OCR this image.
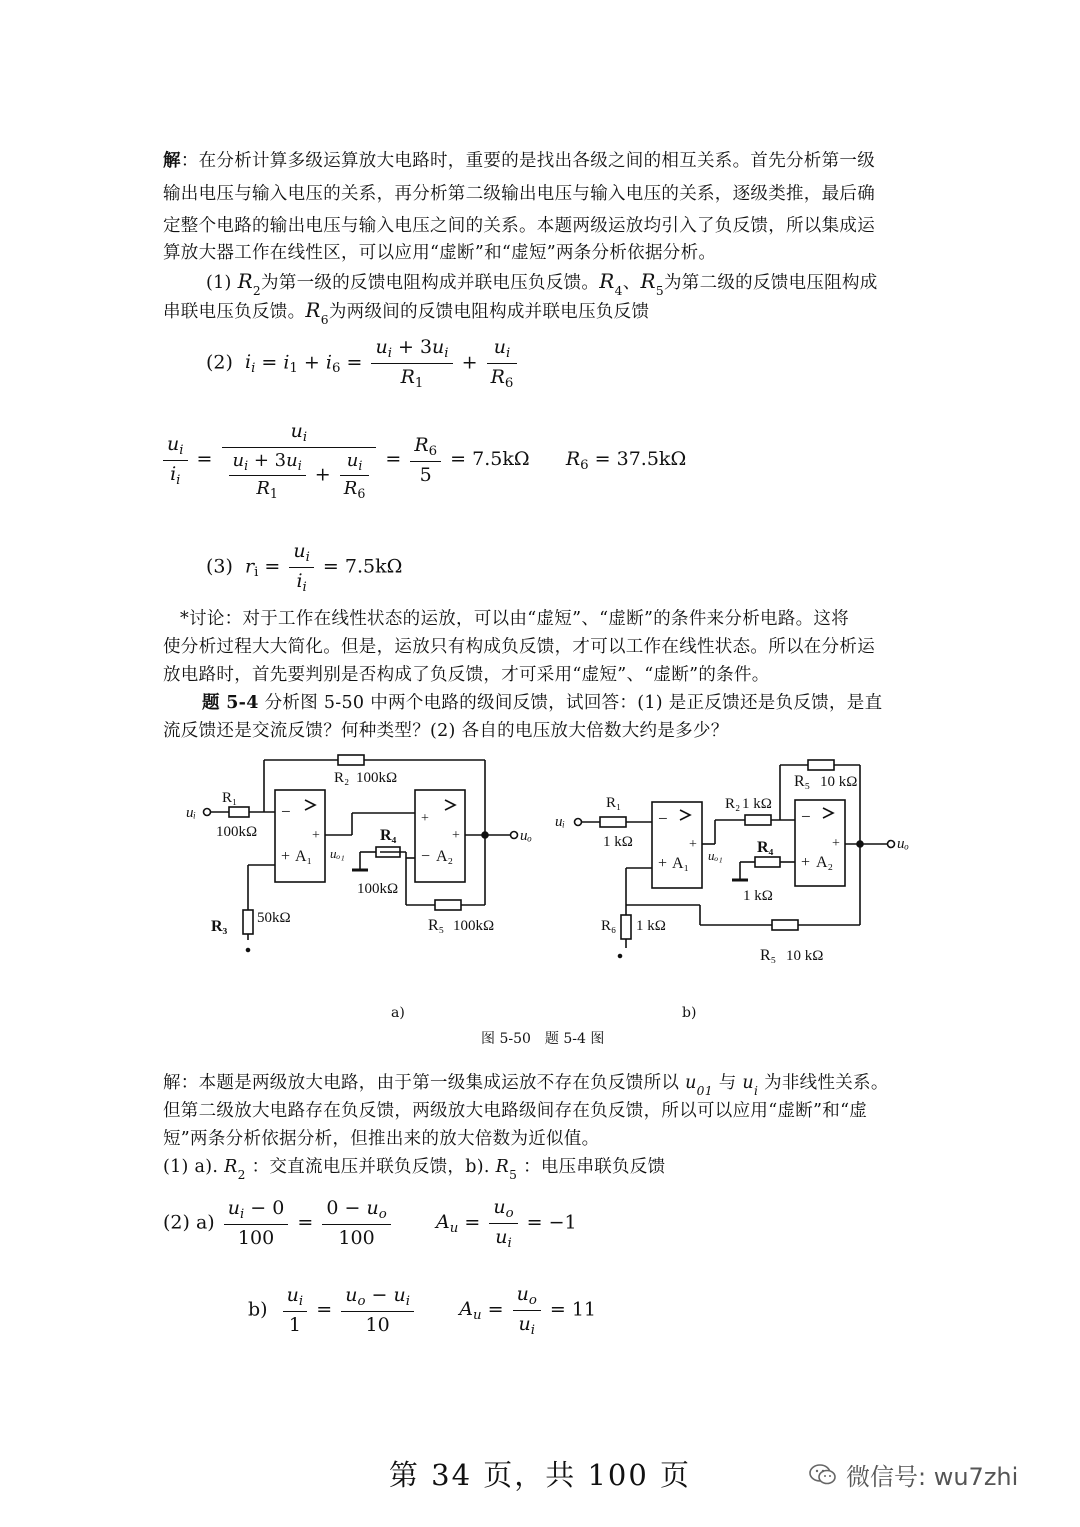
解：在分析计算多级运算放大电路时，重要的是找出各级之间的相互关系。首先分析第一级
输出电压与输入电压的关系，再分析第二级输出电压与输入电压的关系，逐级类推，最后确
定整个电路的输出电压与输入电压之间的关系。本题两级运放均引入了负反馈，所以集成运
算放大器工作在线性区，可以应用“虚断”和“虚短”两条分析依据分析。
(1) $R_2$为第一级的反馈电阻构成并联电压负反馈。$R_4$、$R_5$为第二级的反馈电压阻构成
串联电压负反馈。$R_6$为两级间的反馈电阻构成并联电压负反馈
(2)  $i_i = i_1 + i_6 = \frac{u_i + 3u_i}{R_1} + \frac{u_i}{R_6}$
$\frac{u_i}{i_i} = \frac{u_i}{\frac{u_i + 3u_i}{R_1} + \frac{u_i}{R_6}} = \frac{R_6}{5} = 7.5k\Omega$ $R_6 = 37.5k\Omega$
(3)  $r_i = \frac{u_i}{i_i} = 7.5k\Omega$
*讨论：对于工作在线性状态的运放，可以由“虚短”、“虚断”的条件来分析电路。这将
使分析过程大大简化。但是，运放只有构成负反馈，才可以工作在线性状态。所以在分析运
放电路时，首先要判别是否构成了负反馈，才可采用“虚短”、“虚断”的条件。
题 5-4 分析图 5-50 中两个电路的级间反馈，试回答：(1) 是正反馈还是负反馈，是直
流反馈还是交流反馈？何种类型？(2) 各自的电压放大倍数大约是多少？
uᵢ
R₁
100kΩ
R₂ 100kΩ
−
+
+ A₁ uₒ₁
+
+
− A₂
R₄
100kΩ
uₒ
R₅ 100kΩ
50kΩ
R₃
uᵢ
R₁
1 kΩ
R₂ 1 kΩ
R₅ 10 kΩ
−
+
+ A₁ uₒ₁
−
+
+ A₂
R₄
1 kΩ
uₒ
R₆ 1 kΩ
R₅ 10 kΩ
a)	b)
图 5-50　题 5-4 图
解：本题是两级放大电路，由于第一级集成运放不存在负反馈所以 $u_{01}$ 与 $u_i$ 为非线性关系。
但第二级放大电路存在负反馈，两级放大电路级间存在负反馈，所以可以应用“虚断”和“虚
短”两条分析依据分析，但推出来的放大倍数为近似值。
(1) a). $R_2$ ：交直流电压并联负反馈，b). $R_5$ ：电压串联负反馈
(2) $a) \frac{u_i - 0}{100} = \frac{0 - u_o}{100} A_u = \frac{u_o}{u_i} = -1$
$b) \frac{u_i}{1} = \frac{u_o - u_i}{10} A_u = \frac{u_o}{u_i} = 11$
第 34 页，共 100 页	微信号: wu7zhi
